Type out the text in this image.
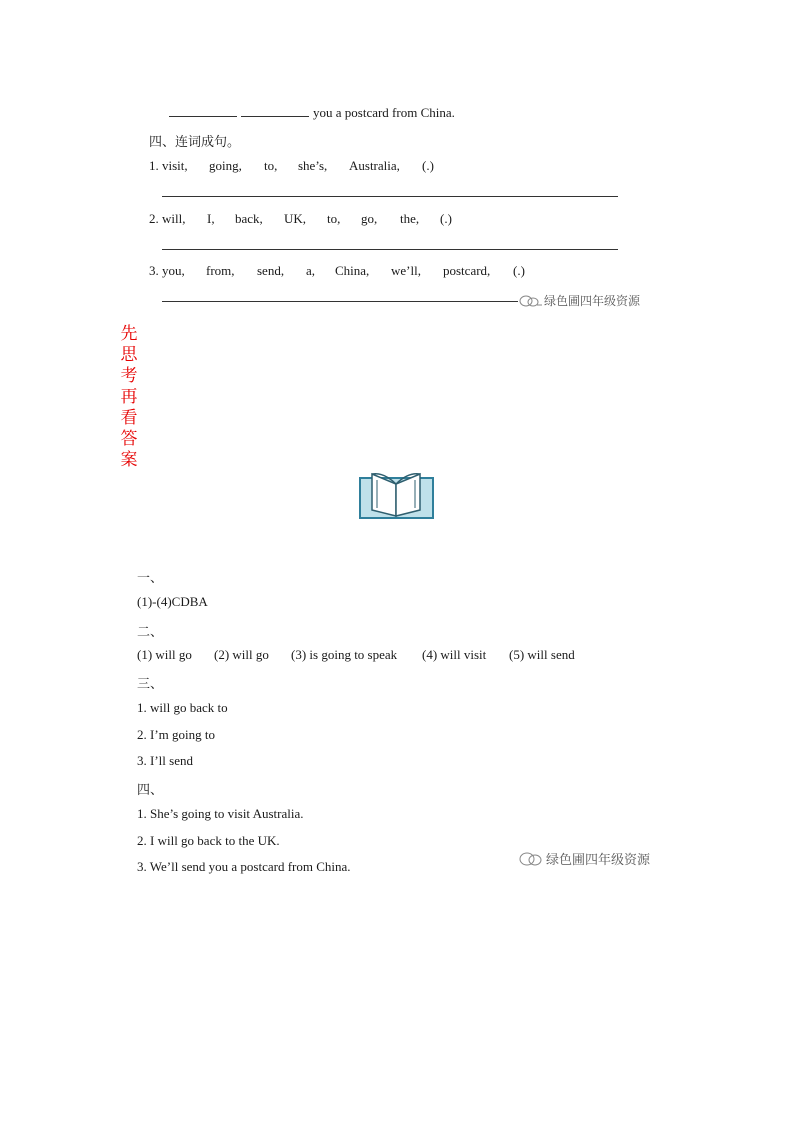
you a postcard from China.
四、连词成句。
1. visit, going, to, she’s, Australia, (.)
2. will, I, back, UK, to, go, the, (.)
3. you, from, send, a, China, we’ll, postcard, (.)
绿色圃四年级资源
先
思
考
再
看
答
案
一、
(1)-(4)CDBA
二、
(1) will go (2) will go (3) is going to speak (4) will visit (5) will send
三、
1. will go back to
2. I’m going to
3. I’ll send
四、
1. She’s going to visit Australia.
2. I will go back to the UK.
3. We’ll send you a postcard from China.	绿色圃四年级资源
